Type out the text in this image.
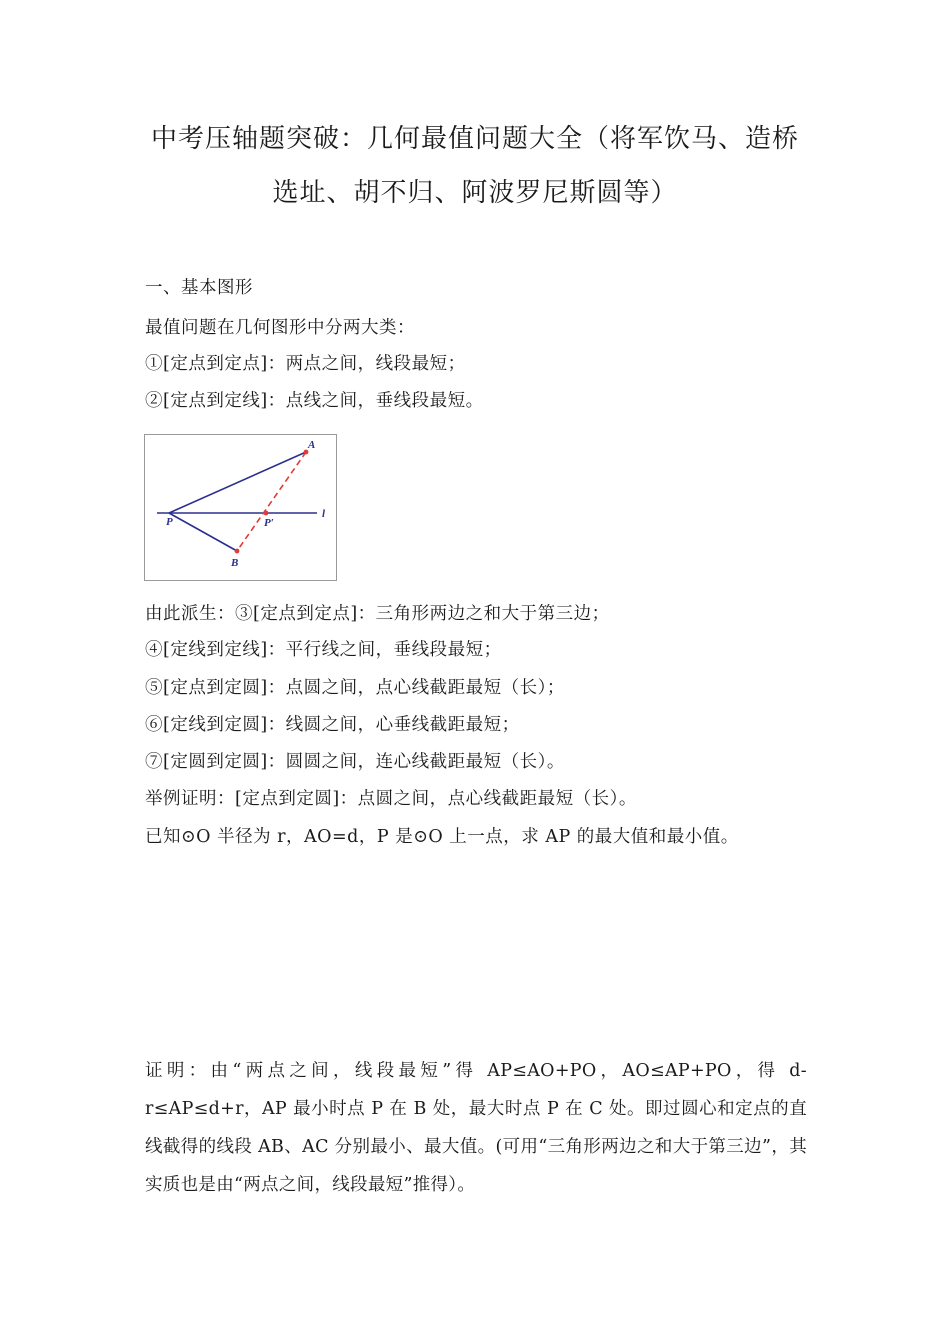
中考压轴题突破：几何最值问题大全（将军饮马、造桥
选址、胡不归、阿波罗尼斯圆等）
一、基本图形
最值问题在几何图形中分两大类：
①[定点到定点]：两点之间，线段最短；
②[定点到定线]：点线之间，垂线段最短。
A
P	P′
B
l
由此派生：③[定点到定点]：三角形两边之和大于第三边；
④[定线到定线]：平行线之间，垂线段最短；
⑤[定点到定圆]：点圆之间，点心线截距最短（长）；
⑥[定线到定圆]：线圆之间，心垂线截距最短；
⑦[定圆到定圆]：圆圆之间，连心线截距最短（长）。
举例证明：[定点到定圆]：点圆之间，点心线截距最短（长）。
已知⊙O 半径为 r，AO=d，P 是⊙O 上一点，求 AP 的最大值和最小值。
证明：由“两点之间，线段最短”得 AP≤AO+PO，AO≤AP+PO，得 d-r≤AP≤d+r，AP 最小时点 P 在 B 处，最大时点 P 在 C 处。即过圆心和定点的直线截得的线段 AB、AC 分别最小、最大值。(可用“三角形两边之和大于第三边”，其实质也是由“两点之间，线段最短”推得）。
